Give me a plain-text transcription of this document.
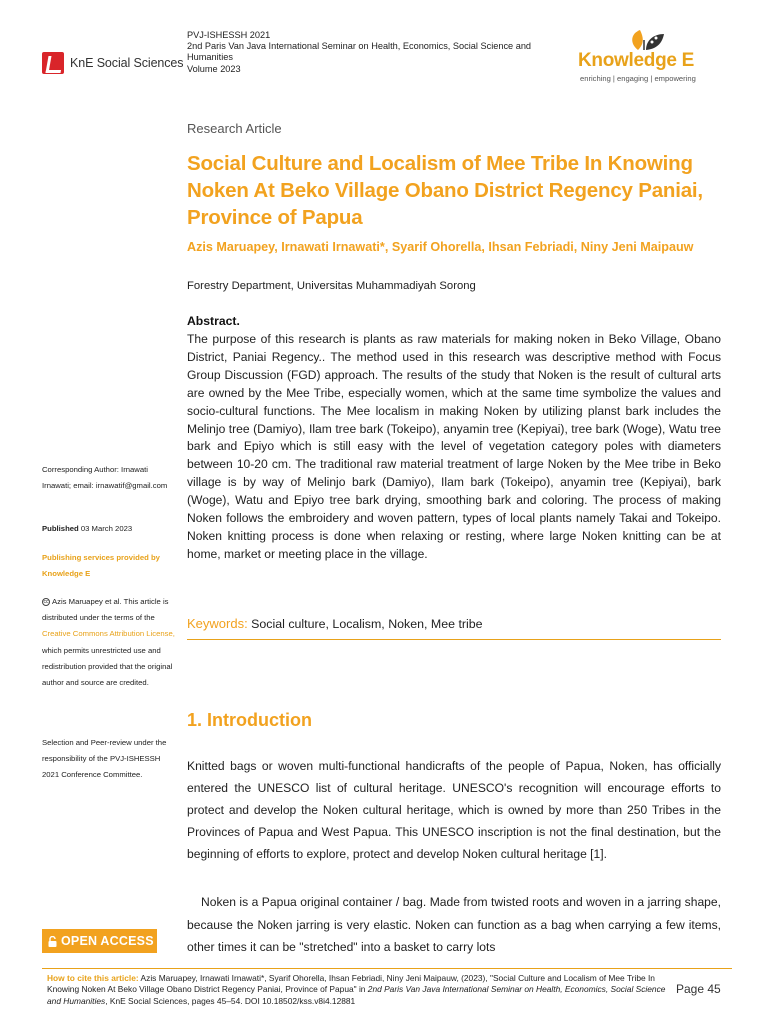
KnE Social Sciences
PVJ-ISHESSH 2021
2nd Paris Van Java International Seminar on Health, Economics, Social Science and
Humanities
Volume 2023	Knowledge E
enriching | engaging | empowering
Research Article
Social Culture and Localism of Mee Tribe In Knowing Noken At Beko Village Obano District Regency Paniai, Province of Papua
Azis Maruapey, Irnawati Irnawati*, Syarif Ohorella, Ihsan Febriadi, Niny Jeni Maipauw
Forestry Department, Universitas Muhammadiyah Sorong
Abstract.

The purpose of this research is plants as raw materials for making noken in Beko Village, Obano District, Paniai Regency.. The method used in this research was descriptive method with Focus Group Discussion (FGD) approach. The results of the study that Noken is the result of cultural arts are owned by the Mee Tribe, especially women, which at the same time symbolize the values and socio-cultural functions. The Mee localism in making Noken by utilizing planst bark includes the Melinjo tree (Damiyo), Ilam tree bark (Tokeipo), anyamin tree (Kepiyai), tree bark (Woge), Watu tree bark and Epiyo which is still easy with the level of vegetation category poles with diameters between 10-20 cm. The traditional raw material treatment of large Noken by the Mee tribe in Beko village is by way of Melinjo bark (Damiyo), Ilam bark (Tokeipo), anyamin tree (Kepiyai), bark (Woge), Watu and Epiyo tree bark drying, smoothing bark and coloring. The process of making Noken follows the embroidery and woven pattern, types of local plants namely Takai and Tokeipo. Noken knitting process is done when relaxing or resting, where large Noken knitting can be at home, market or meeting place in the village.

Keywords: Social culture, Localism, Noken, Mee tribe
1. Introduction

Knitted bags or woven multi-functional handicrafts of the people of Papua, Noken, has officially entered the UNESCO list of cultural heritage. UNESCO's recognition will encourage efforts to protect and develop the Noken cultural heritage, which is owned by more than 250 Tribes in the Provinces of Papua and West Papua. This UNESCO inscription is not the final destination, but the beginning of efforts to explore, protect and develop Noken cultural heritage [1].

Noken is a Papua original container / bag. Made from twisted roots and woven in a jarring shape, because the Noken jarring is very elastic. Noken can function as a bag when carrying a few items, other times it can be "stretched" into a basket to carry lots

Corresponding Author: Irnawati Irnawati; email: irnawatif@gmail.com
Published 03 March 2023
Publishing services provided by Knowledge E
cc Azis Maruapey et al. This article is distributed under the terms of the Creative Commons Attribution License, which permits unrestricted use and redistribution provided that the original author and source are credited.
Selection and Peer-review under the responsibility of the PVJ-ISHESSH 2021 Conference Committee.
OPEN ACCESS
How to cite this article: Azis Maruapey, Irnawati Irnawati*, Syarif Ohorella, Ihsan Febriadi, Niny Jeni Maipauw, (2023), "Social Culture and Localism of Mee Tribe In Knowing Noken At Beko Village Obano District Regency Paniai, Province of Papua" in 2nd Paris Van Java International Seminar on Health, Economics, Social Science and Humanities, KnE Social Sciences, pages 45–54. DOI 10.18502/kss.v8i4.12881
Page 45
